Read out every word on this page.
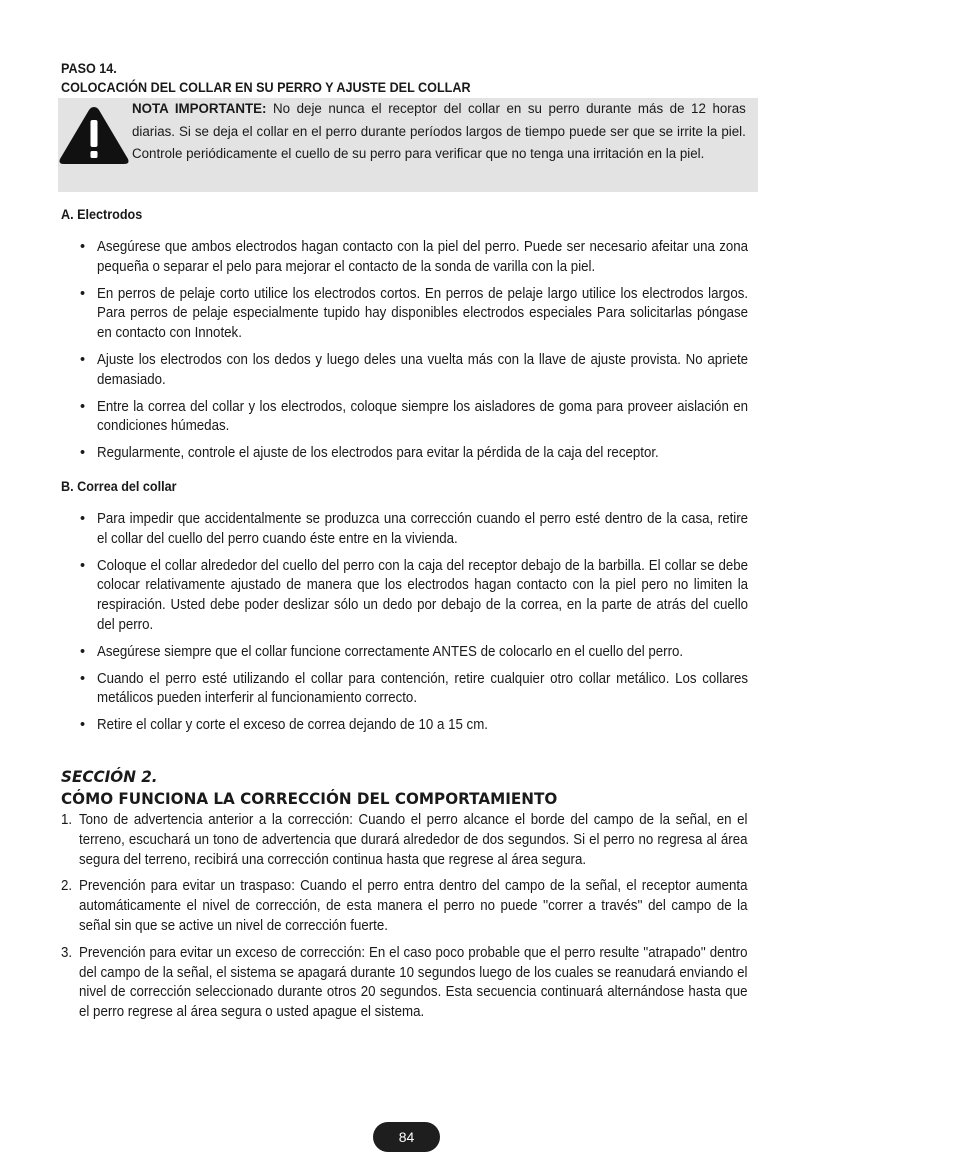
PASO 14.
COLOCACIÓN DEL COLLAR EN SU PERRO Y AJUSTE DEL COLLAR
NOTA IMPORTANTE: No deje nunca el receptor del collar en su perro durante más de 12 horas diarias. Si se deja el collar en el perro durante períodos largos de tiempo puede ser que se irrite la piel. Controle periódicamente el cuello de su perro para verificar que no tenga una irritación en la piel.
A. Electrodos
• Asegúrese que ambos electrodos hagan contacto con la piel del perro. Puede ser necesario afeitar una zona pequeña o separar el pelo para mejorar el contacto de la sonda de varilla con la piel.
• En perros de pelaje corto utilice los electrodos cortos. En perros de pelaje largo utilice los electrodos largos. Para perros de pelaje especialmente tupido hay disponibles electrodos especiales Para solicitarlas póngase en contacto con Innotek.
• Ajuste los electrodos con los dedos y luego deles una vuelta más con la llave de ajuste provista. No apriete demasiado.
• Entre la correa del collar y los electrodos, coloque siempre los aisladores de goma para proveer aislación en condiciones húmedas.
• Regularmente, controle el ajuste de los electrodos para evitar la pérdida de la caja del receptor.
B. Correa del collar
• Para impedir que accidentalmente se produzca una corrección cuando el perro esté dentro de la casa, retire el collar del cuello del perro cuando éste entre en la vivienda.
• Coloque el collar alrededor del cuello del perro con la caja del receptor debajo de la barbilla. El collar se debe colocar relativamente ajustado de manera que los electrodos hagan contacto con la piel pero no limiten la respiración. Usted debe poder deslizar sólo un dedo por debajo de la correa, en la parte de atrás del cuello del perro.
• Asegúrese siempre que el collar funcione correctamente ANTES de colocarlo en el cuello del perro.
• Cuando el perro esté utilizando el collar para contención, retire cualquier otro collar metálico. Los collares metálicos pueden interferir al funcionamiento correcto.
• Retire el collar y corte el exceso de correa dejando de 10 a 15 cm.
SECCIÓN 2.
CÓMO FUNCIONA LA CORRECCIÓN DEL COMPORTAMIENTO
1. Tono de advertencia anterior a la corrección: Cuando el perro alcance el borde del campo de la señal, en el terreno, escuchará un tono de advertencia que durará alrededor de dos segundos. Si el perro no regresa al área segura del terreno, recibirá una corrección continua hasta que regrese al área segura.
2. Prevención para evitar un traspaso: Cuando el perro entra dentro del campo de la señal, el receptor aumenta automáticamente el nivel de corrección, de esta manera el perro no puede ''correr a través'' del campo de la señal sin que se active un nivel de corrección fuerte.
3. Prevención para evitar un exceso de corrección: En el caso poco probable que el perro resulte ''atrapado'' dentro del campo de la señal, el sistema se apagará durante 10 segundos luego de los cuales se reanudará enviando el nivel de corrección seleccionado durante otros 20 segundos. Esta secuencia continuará alternándose hasta que el perro regrese al área segura o usted apague el sistema.
84
